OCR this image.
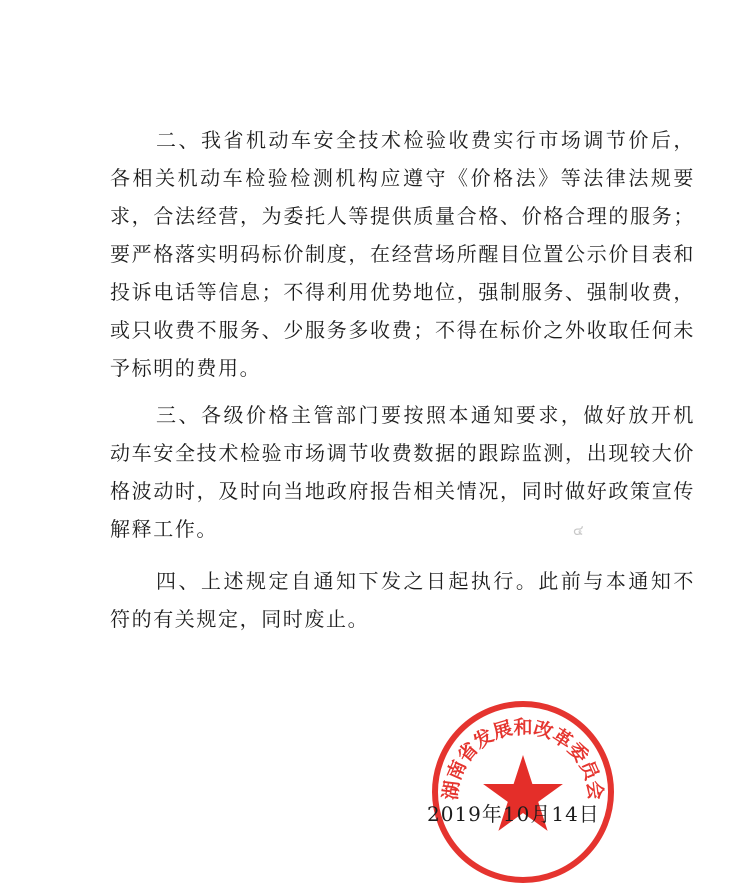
二、我省机动车安全技术检验收费实行市场调节价后，各相关机动车检验检测机构应遵守《价格法》等法律法规要求，合法经营，为委托人等提供质量合格、价格合理的服务；要严格落实明码标价制度，在经营场所醒目位置公示价目表和投诉电话等信息；不得利用优势地位，强制服务、强制收费，或只收费不服务、少服务多收费；不得在标价之外收取任何未予标明的费用。

三、各级价格主管部门要按照本通知要求，做好放开机动车安全技术检验市场调节收费数据的跟踪监测，出现较大价格波动时，及时向当地政府报告相关情况，同时做好政策宣传解释工作。

四、上述规定自通知下发之日起执行。此前与本通知不符的有关规定，同时废止。

๔
湖南省发展和改革委员会
2019年10月14日
